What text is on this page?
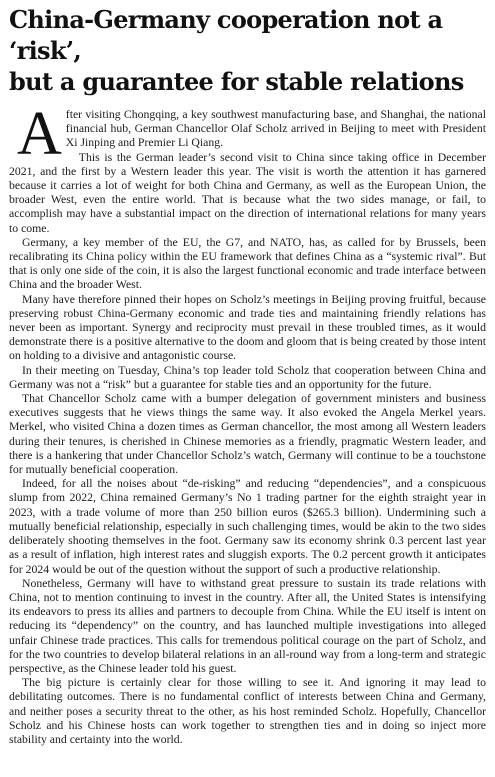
China-Germany cooperation not a ‘risk’,
but a guarantee for stable relations

After visiting Chongqing, a key southwest manufacturing base, and Shanghai, the national financial hub, German Chancellor Olaf Scholz arrived in Beijing to meet with President Xi Jinping and Premier Li Qiang.

This is the German leader’s second visit to China since taking office in December 2021, and the first by a Western leader this year. The visit is worth the attention it has garnered because it carries a lot of weight for both China and Germany, as well as the European Union, the broader West, even the entire world. That is because what the two sides manage, or fail, to accomplish may have a substantial impact on the direction of international relations for many years to come.

Germany, a key member of the EU, the G7, and NATO, has, as called for by Brussels, been recalibrating its China policy within the EU framework that defines China as a “systemic rival”. But that is only one side of the coin, it is also the largest functional economic and trade interface between China and the broader West.

Many have therefore pinned their hopes on Scholz’s meetings in Beijing proving fruitful, because preserving robust China-Germany economic and trade ties and maintaining friendly relations has never been as important. Synergy and reciprocity must prevail in these troubled times, as it would demonstrate there is a positive alternative to the doom and gloom that is being created by those intent on holding to a divisive and antagonistic course.

In their meeting on Tuesday, China’s top leader told Scholz that cooperation between China and Germany was not a “risk” but a guarantee for stable ties and an opportunity for the future.

That Chancellor Scholz came with a bumper delegation of government ministers and business executives suggests that he views things the same way. It also evoked the Angela Merkel years. Merkel, who visited China a dozen times as German chancellor, the most among all Western leaders during their tenures, is cherished in Chinese memories as a friendly, pragmatic Western leader, and there is a hankering that under Chancellor Scholz’s watch, Germany will continue to be a touchstone for mutually beneficial cooperation.

Indeed, for all the noises about “de-risking” and reducing “dependencies”, and a conspicuous slump from 2022, China remained Germany’s No 1 trading partner for the eighth straight year in 2023, with a trade volume of more than 250 billion euros ($265.3 billion). Undermining such a mutually beneficial relationship, especially in such challenging times, would be akin to the two sides deliberately shooting themselves in the foot. Germany saw its economy shrink 0.3 percent last year as a result of inflation, high interest rates and sluggish exports. The 0.2 percent growth it anticipates for 2024 would be out of the question without the support of such a productive relationship.

Nonetheless, Germany will have to withstand great pressure to sustain its trade relations with China, not to mention continuing to invest in the country. After all, the United States is intensifying its endeavors to press its allies and partners to decouple from China. While the EU itself is intent on reducing its “dependency” on the country, and has launched multiple investigations into alleged unfair Chinese trade practices. This calls for tremendous political courage on the part of Scholz, and for the two countries to develop bilateral relations in an all-round way from a long-term and strategic perspective, as the Chinese leader told his guest.

The big picture is certainly clear for those willing to see it. And ignoring it may lead to debilitating outcomes. There is no fundamental conflict of interests between China and Germany, and neither poses a security threat to the other, as his host reminded Scholz. Hopefully, Chancellor Scholz and his Chinese hosts can work together to strengthen ties and in doing so inject more stability and certainty into the world.
